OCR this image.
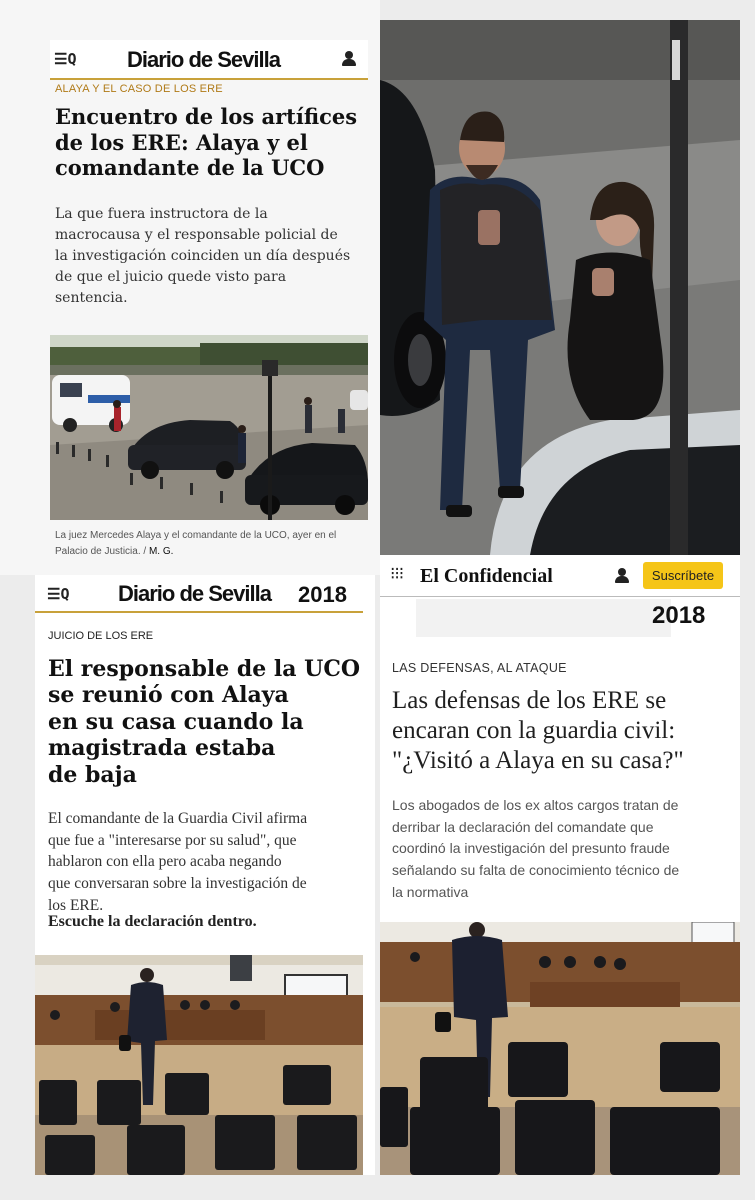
☰Q Diario de Sevilla
ALAYA Y EL CASO DE LOS ERE
Encuentro de los artífices
de los ERE: Alaya y el
comandante de la UCO
La que fuera instructora de la
macrocausa y el responsable policial de
la investigación coinciden un día después
de que el juicio quede visto para
sentencia.
La juez Mercedes Alaya y el comandante de la UCO, ayer en el
Palacio de Justicia. / M. G.
☰Q Diario de Sevilla 2018
JUICIO DE LOS ERE
El responsable de la UCO
se reunió con Alaya
en su casa cuando la
magistrada estaba
de baja
El comandante de la Guardia Civil afirma
que fue a "interesarse por su salud", que
hablaron con ella pero acaba negando
que conversaran sobre la investigación de
los ERE.
Escuche la declaración dentro.
⁝⁝⁝ El Confidencial	Suscríbete
2018
LAS DEFENSAS, AL ATAQUE
Las defensas de los ERE se
encaran con la guardia civil:
"¿Visitó a Alaya en su casa?"
Los abogados de los ex altos cargos tratan de
derribar la declaración del comandate que
coordinó la investigación del presunto fraude
señalando su falta de conocimiento técnico de
la normativa
